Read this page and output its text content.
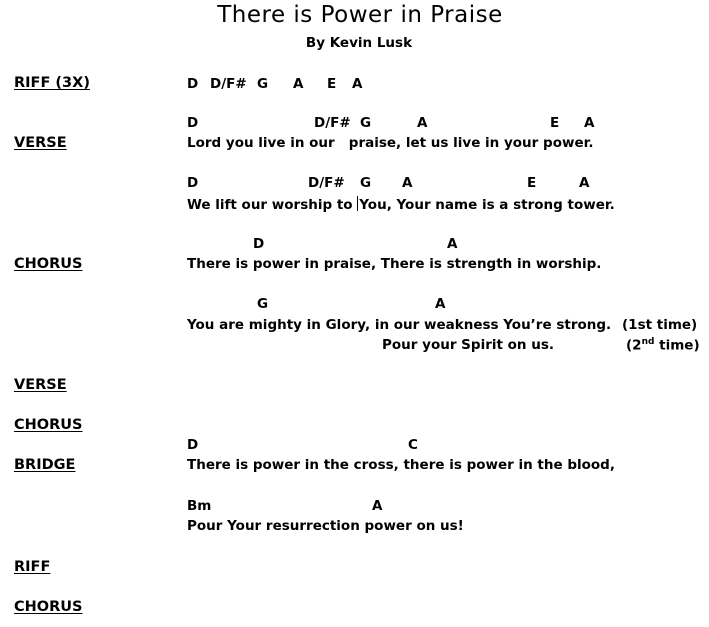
There is Power in Praise
By Kevin Lusk
RIFF (3X)	D D/F# G A E A
D	D/F# G	A	E A
VERSE	Lord you live in our   praise, let us live in your power.
D	D/F# G A	E	A
We lift our worship to You, Your name is a strong tower.
D	A
CHORUS	There is power in praise, There is strength in worship.
G	A
You are mighty in Glory, in our weakness You’re strong. (1st time)
Pour your Spirit on us.	(2nd time)
VERSE
CHORUS
D	C
BRIDGE	There is power in the cross, there is power in the blood,
Bm	A
Pour Your resurrection power on us!
RIFF
CHORUS
